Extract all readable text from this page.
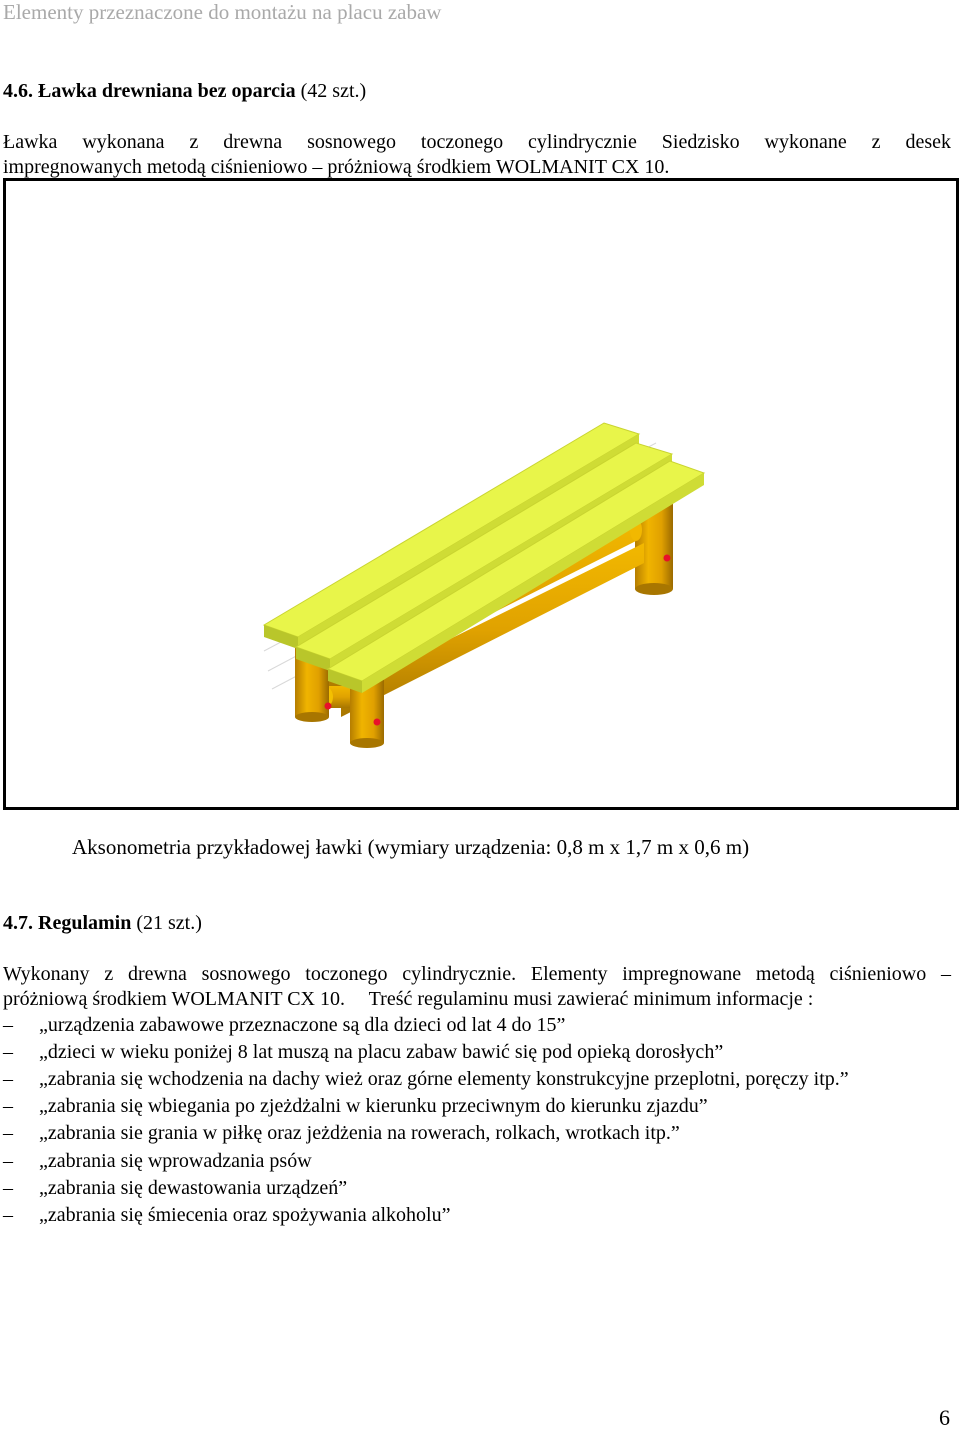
Elementy przeznaczone do montażu na placu zabaw
4.6. Ławka drewniana bez oparcia (42 szt.)
Ławka wykonana z drewna sosnowego toczonego cylindrycznie Siedzisko wykonane z desek
impregnowanych metodą ciśnieniowo – próżniową środkiem WOLMANIT CX 10.
Aksonometria przykładowej ławki (wymiary urządzenia: 0,8 m x 1,7 m x 0,6 m)
4.7. Regulamin (21 szt.)
Wykonany z drewna sosnowego toczonego cylindrycznie. Elementy impregnowane metodą ciśnieniowo –
próżniową środkiem WOLMANIT CX 10. Treść regulaminu musi zawierać minimum informacje :
– „urządzenia zabawowe przeznaczone są dla dzieci od lat 4 do 15”
– „dzieci w wieku poniżej 8 lat muszą na placu zabaw bawić się pod opieką dorosłych”
– „zabrania się wchodzenia na dachy wież oraz górne elementy konstrukcyjne przeplotni, poręczy itp.”
– „zabrania się wbiegania po zjeżdżalni w kierunku przeciwnym do kierunku zjazdu”
– „zabrania sie grania w piłkę oraz jeżdżenia na rowerach, rolkach, wrotkach itp.”
– „zabrania się wprowadzania psów
– „zabrania się dewastowania urządzeń”
– „zabrania się śmiecenia oraz spożywania alkoholu”
6
